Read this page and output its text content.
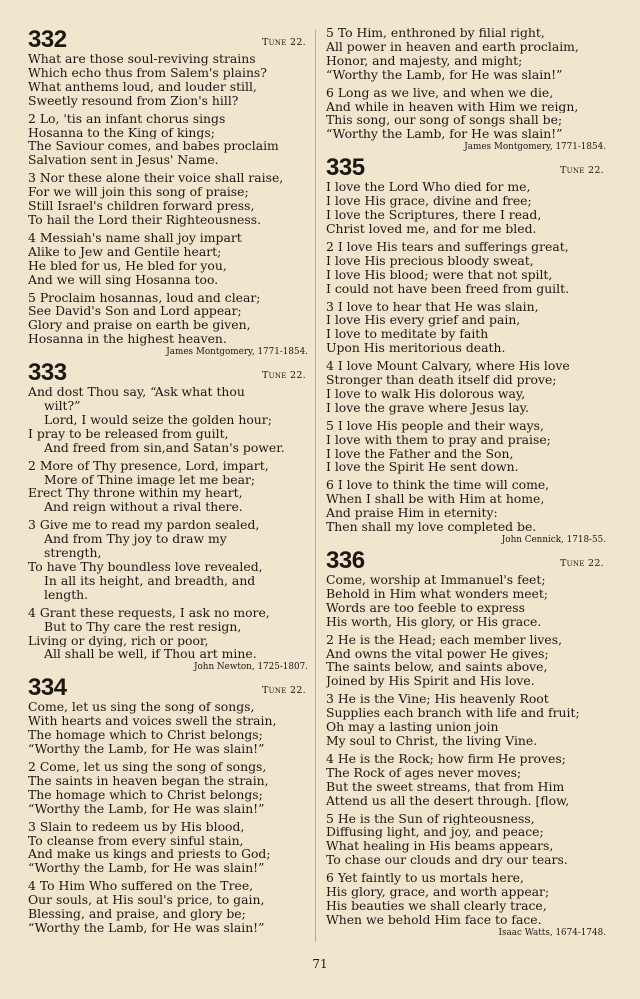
332	Tune 22.
What are those soul-reviving strains
Which echo thus from Salem's plains?
What anthems loud, and louder still,
Sweetly resound from Zion's hill?
2 Lo, 'tis an infant chorus sings
Hosanna to the King of kings;
The Saviour comes, and babes proclaim
Salvation sent in Jesus' Name.
3 Nor these alone their voice shall raise,
For we will join this song of praise;
Still Israel's children forward press,
To hail the Lord their Righteousness.
4 Messiah's name shall joy impart
Alike to Jew and Gentile heart;
He bled for us, He bled for you,
And we will sing Hosanna too.
5 Proclaim hosannas, loud and clear;
See David's Son and Lord appear;
Glory and praise on earth be given,
Hosanna in the highest heaven.
James Montgomery, 1771-1854.
333	Tune 22.
And dost Thou say, “Ask what thou
wilt?”
Lord, I would seize the golden hour;
I pray to be released from guilt,
And freed from sin,and Satan's power.
2 More of Thy presence, Lord, impart,
More of Thine image let me bear;
Erect Thy throne within my heart,
And reign without a rival there.
3 Give me to read my pardon sealed,
And from Thy joy to draw my
strength,
To have Thy boundless love revealed,
In all its height, and breadth, and
length.
4 Grant these requests, I ask no more,
But to Thy care the rest resign,
Living or dying, rich or poor,
All shall be well, if Thou art mine.
John Newton, 1725-1807.
334	Tune 22.
Come, let us sing the song of songs,
With hearts and voices swell the strain,
The homage which to Christ belongs;
“Worthy the Lamb, for He was slain!”
2 Come, let us sing the song of songs,
The saints in heaven began the strain,
The homage which to Christ belongs;
“Worthy the Lamb, for He was slain!”
3 Slain to redeem us by His blood,
To cleanse from every sinful stain,
And make us kings and priests to God;
“Worthy the Lamb, for He was slain!”
4 To Him Who suffered on the Tree,
Our souls, at His soul's price, to gain,
Blessing, and praise, and glory be;
“Worthy the Lamb, for He was slain!”
5 To Him, enthroned by filial right,
All power in heaven and earth proclaim,
Honor, and majesty, and might;
“Worthy the Lamb, for He was slain!”
6 Long as we live, and when we die,
And while in heaven with Him we reign,
This song, our song of songs shall be;
“Worthy the Lamb, for He was slain!”
James Montgomery, 1771-1854.
335	Tune 22.
I love the Lord Who died for me,
I love His grace, divine and free;
I love the Scriptures, there I read,
Christ loved me, and for me bled.
2 I love His tears and sufferings great,
I love His precious bloody sweat,
I love His blood; were that not spilt,
I could not have been freed from guilt.
3 I love to hear that He was slain,
I love His every grief and pain,
I love to meditate by faith
Upon His meritorious death.
4 I love Mount Calvary, where His love
Stronger than death itself did prove;
I love to walk His dolorous way,
I love the grave where Jesus lay.
5 I love His people and their ways,
I love with them to pray and praise;
I love the Father and the Son,
I love the Spirit He sent down.
6 I love to think the time will come,
When I shall be with Him at home,
And praise Him in eternity:
Then shall my love completed be.
John Cennick, 1718-55.
336	Tune 22.
Come, worship at Immanuel's feet;
Behold in Him what wonders meet;
Words are too feeble to express
His worth, His glory, or His grace.
2 He is the Head; each member lives,
And owns the vital power He gives;
The saints below, and saints above,
Joined by His Spirit and His love.
3 He is the Vine; His heavenly Root
Supplies each branch with life and fruit;
Oh may a lasting union join
My soul to Christ, the living Vine.
4 He is the Rock; how firm He proves;
The Rock of ages never moves;
But the sweet streams, that from Him
Attend us all the desert through. [flow,
5 He is the Sun of righteousness,
Diffusing light, and joy, and peace;
What healing in His beams appears,
To chase our clouds and dry our tears.
6 Yet faintly to us mortals here,
His glory, grace, and worth appear;
His beauties we shall clearly trace,
When we behold Him face to face.
Isaac Watts, 1674-1748.
71
